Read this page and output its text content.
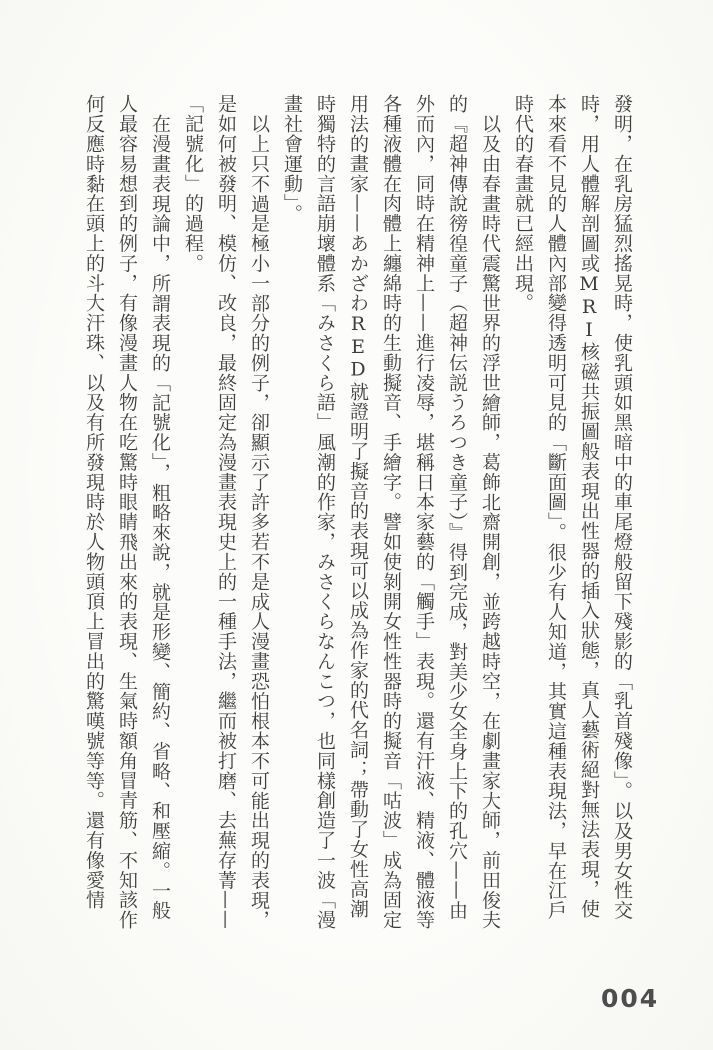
發明，在乳房猛烈搖晃時，使乳頭如黑暗中的車尾燈般留下殘影的「乳首殘像」。以及男女性交時，用人體解剖圖或MRI核磁共振圖般表現出性器的插入狀態，真人藝術絕對無法表現，使本來看不見的人體內部變得透明可見的「斷面圖」。很少有人知道，其實這種表現法，早在江戶時代的春畫就已經出現。

以及由春畫時代震驚世界的浮世繪師，葛飾北齋開創，並跨越時空，在劇畫家大師，前田俊夫的『超神傳說徬徨童子（超神伝説うろつき童子）』得到完成，對美少女全身上下的孔穴——由外而內，同時在精神上——進行凌辱，堪稱日本家藝的「觸手」表現。還有汗液、精液、體液等各種液體在肉體上纏綿時的生動擬音、手繪字。譬如使剝開女性性器時的擬音「咕波」成為固定用法的畫家——あかざわRED就證明了擬音的表現可以成為作家的代名詞；帶動了女性高潮時獨特的言語崩壞體系「みさくら語」風潮的作家，みさくらなんこつ，也同樣創造了一波「漫畫社會運動」。

以上只不過是極小一部分的例子，卻顯示了許多若不是成人漫畫恐怕根本不可能出現的表現，是如何被發明、模仿、改良，最終固定為漫畫表現史上的一種手法，繼而被打磨、去蕪存菁——「記號化」的過程。

在漫畫表現論中，所謂表現的「記號化」，粗略來說，就是形變、簡約、省略、和壓縮。一般人最容易想到的例子，有像漫畫人物在吃驚時眼睛飛出來的表現、生氣時額角冒青筋、不知該作何反應時黏在頭上的斗大汗珠、以及有所發現時於人物頭頂上冒出的驚嘆號等等。還有像愛情

004
